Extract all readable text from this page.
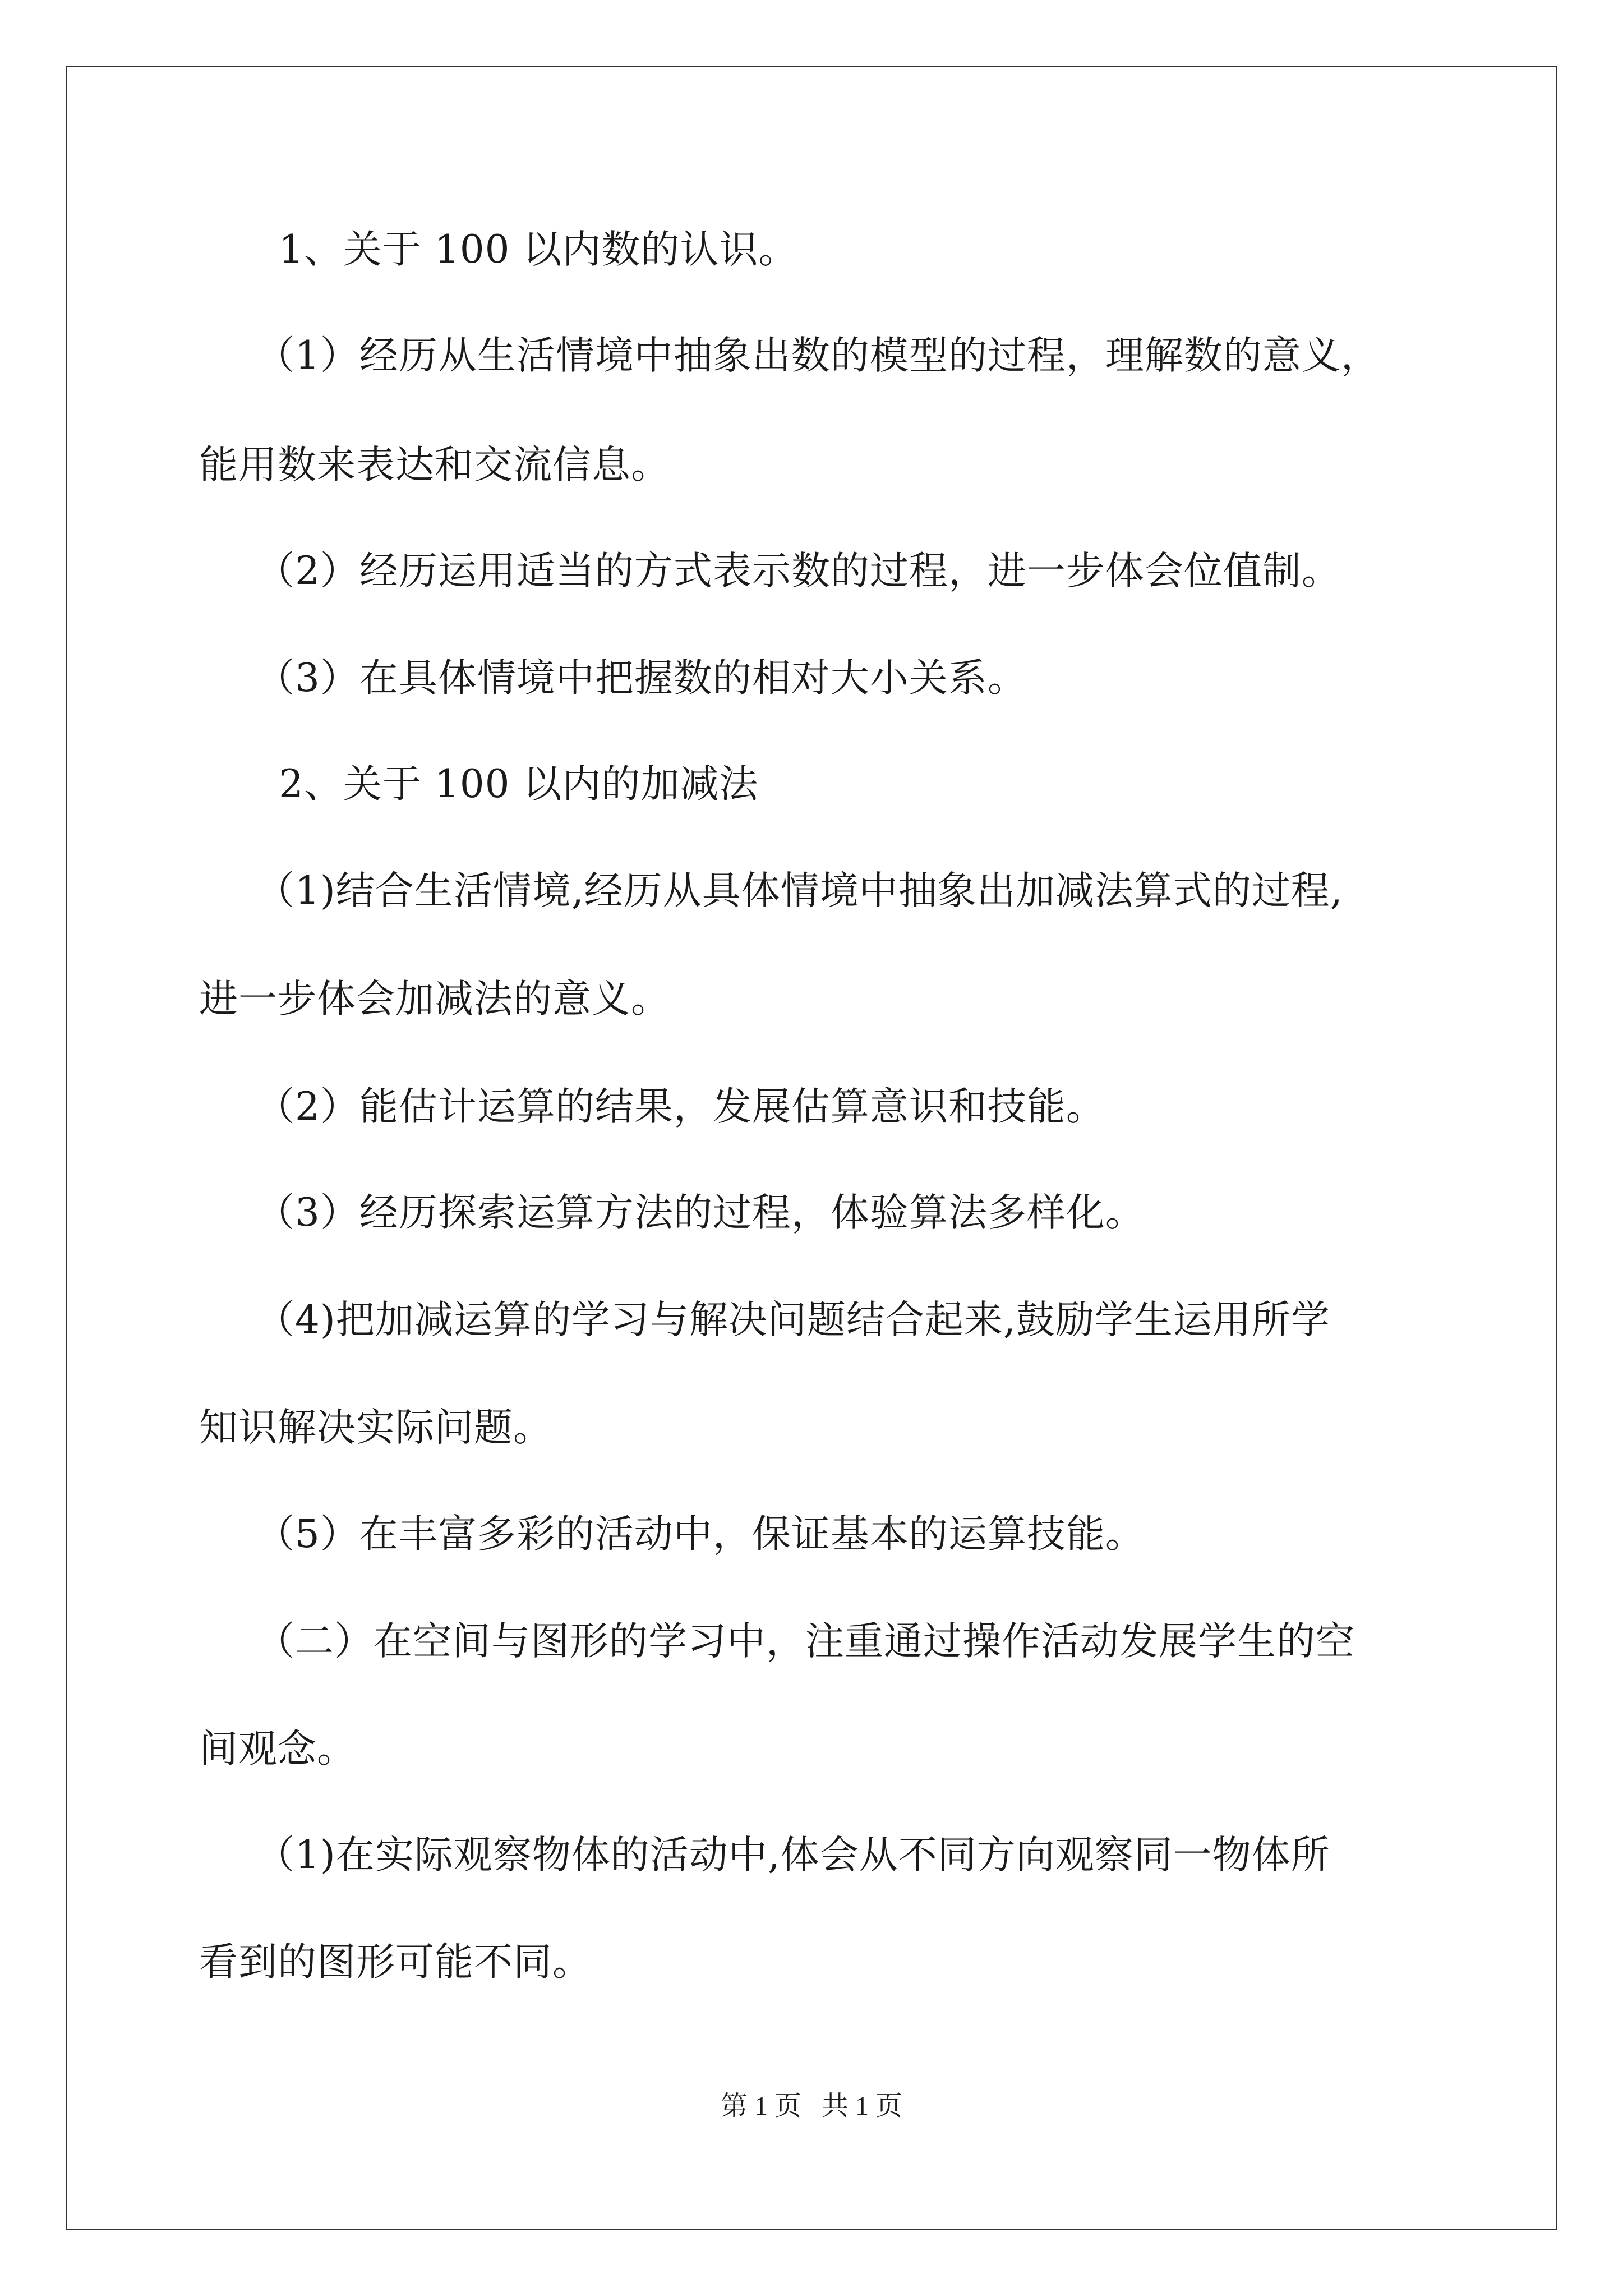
1、关于 100 以内数的认识。
（1）经历从生活情境中抽象出数的模型的过程，理解数的意义，
能用数来表达和交流信息。
（2）经历运用适当的方式表示数的过程，进一步体会位值制。
（3）在具体情境中把握数的相对大小关系。
2、关于 100 以内的加减法
（1)结合生活情境,经历从具体情境中抽象出加减法算式的过程,
进一步体会加减法的意义。
（2）能估计运算的结果，发展估算意识和技能。
（3）经历探索运算方法的过程，体验算法多样化。
（4)把加减运算的学习与解决问题结合起来,鼓励学生运用所学
知识解决实际问题。
（5）在丰富多彩的活动中，保证基本的运算技能。
（二）在空间与图形的学习中，注重通过操作活动发展学生的空
间观念。
（1)在实际观察物体的活动中,体会从不同方向观察同一物体所
看到的图形可能不同。
第 1 页   共 1 页
